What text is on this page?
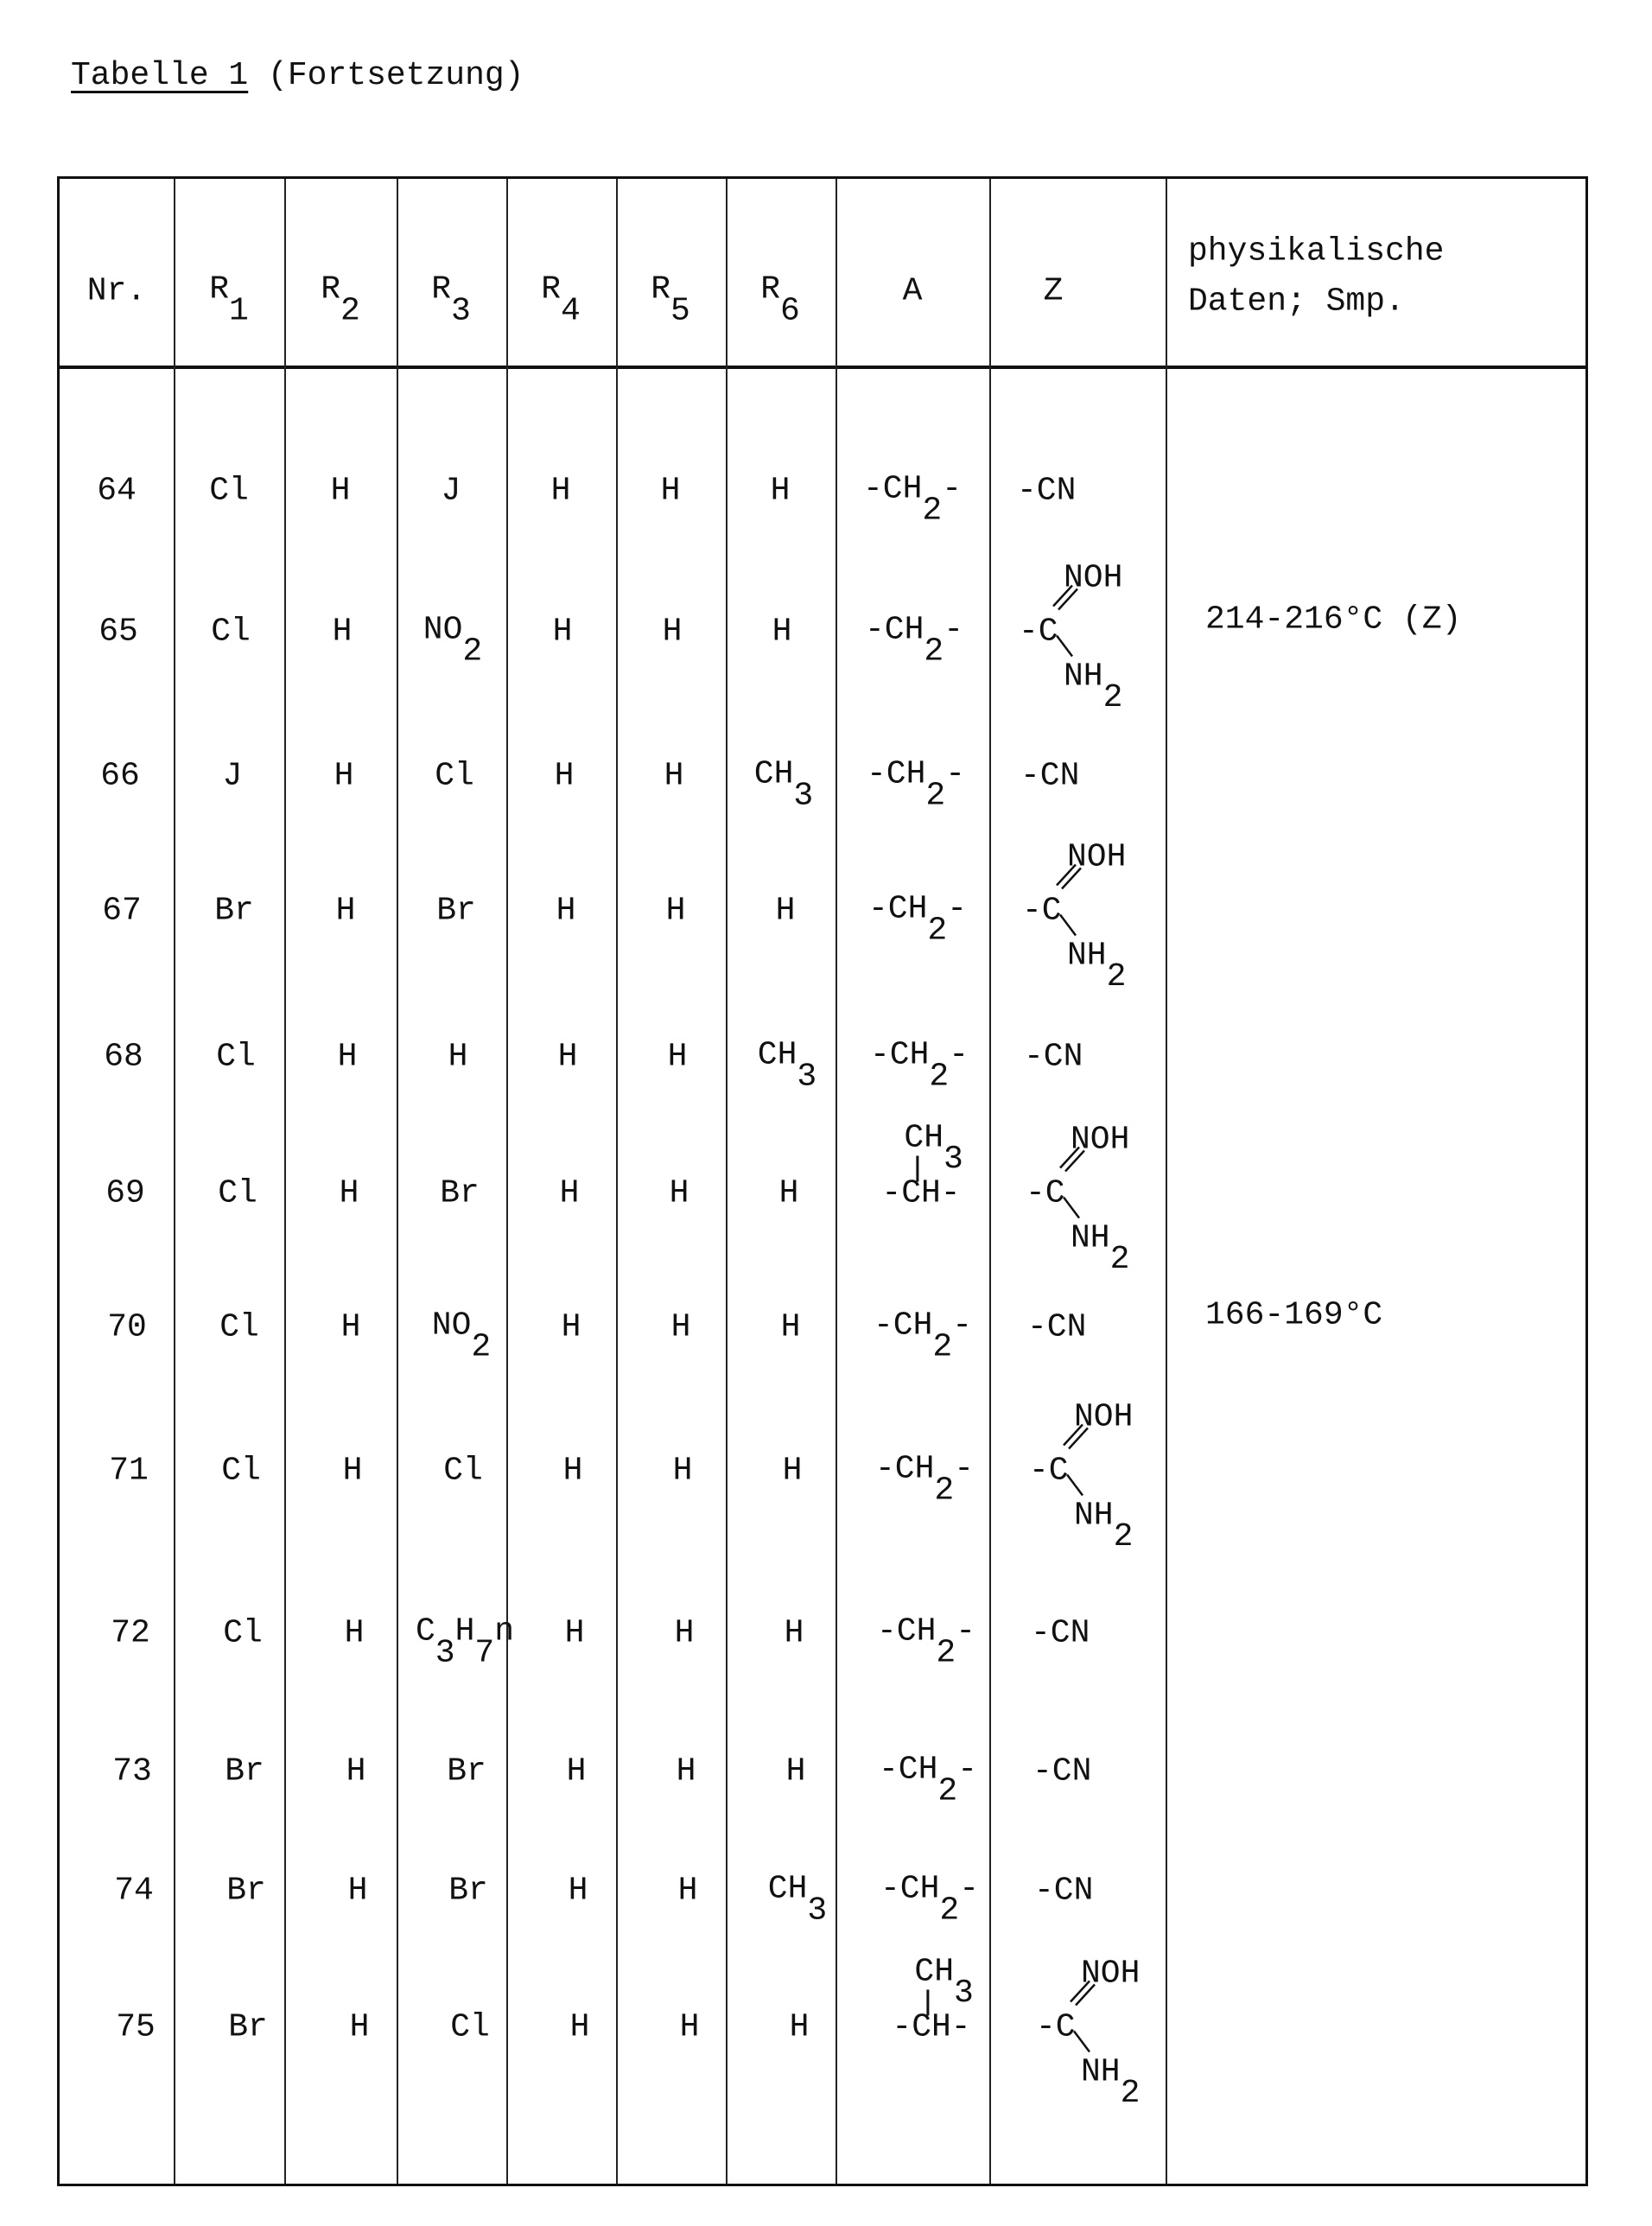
Tabelle 1 (Fortsetzung)
Nr. R1
R2
R3
R4
R5
R6
A	Z
physikalische
Daten; Smp.
64 Cl H	J	H	H	H -CH2- -CN
65 Cl H NO2
H	H	H -CH2- -C
NOH
NH2
214-216°C (Z)
66	J	H Cl H	H CH3
-CH2- -CN
67 Br H Br H	H	H -CH2- -C
NOH
NH2
68 Cl H	H	H	H CH3
-CH2- -CN
69 Cl H Br H	H	H	-CH-
CH3
-C
NOH
NH2
70 Cl H NO2
H	H	H -CH2- -CN	166-169°C
71 Cl H Cl H	H	H -CH2- -C
NOH
NH2
72 Cl H C3H7n H	H	H -CH2- -CN
73 Br H Br H	H	H -CH2- -CN
74 Br H Br H	H CH3
-CH2- -CN
75 Br H Cl H	H	H	-CH-
CH3
-C
NOH
NH2
